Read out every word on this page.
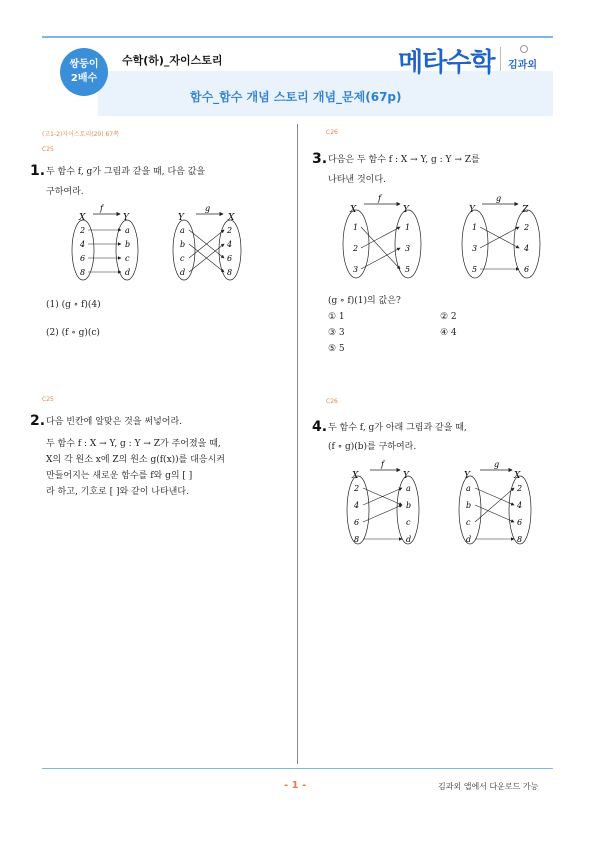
쌍둥이
2배수
수학(하)_자이스토리	메타수학 김과외
함수_함수 개념 스토리 개념_문제(67p)
(고1-2)자이스토리(20) 67쪽
C25
1. 두 함수 f, g가 그림과 같을 때, 다음 값을
구하여라.
f
X	Y
2
4
6
8
a
b
c
d
g
Y	X
a
b
c
d
2
4
6
8
(1) (g ∘ f)(4)
(2) (f ∘ g)(c)
C25
2. 다음 빈칸에 알맞은 것을 써넣어라.
두 함수 f : X → Y, g : Y → Z가 주어졌을 때,
X의 각 원소 x에 Z의 원소 g(f(x))를 대응시켜
만들어지는 새로운 함수를 f와 g의 [ ]
라 하고, 기호로 [ ]와 같이 나타낸다.
C26
3. 다음은 두 함수 f : X → Y, g : Y → Z를
나타낸 것이다.
f
X	Y
1
2
3
1
3
5
g
Y	Z
1
3
5
2
4
6
(g ∘ f)(1)의 값은?
① 1	② 2
③ 3	④ 4
⑤ 5
C26
4. 두 함수 f, g가 아래 그림과 같을 때,
(f ∘ g)(b)를 구하여라.
f
X	Y
2
4
6
8
a
b
c
d
g
Y	X
a
b
c
d
2
4
6
8
- 1 -	김과외 앱에서 다운로드 가능
